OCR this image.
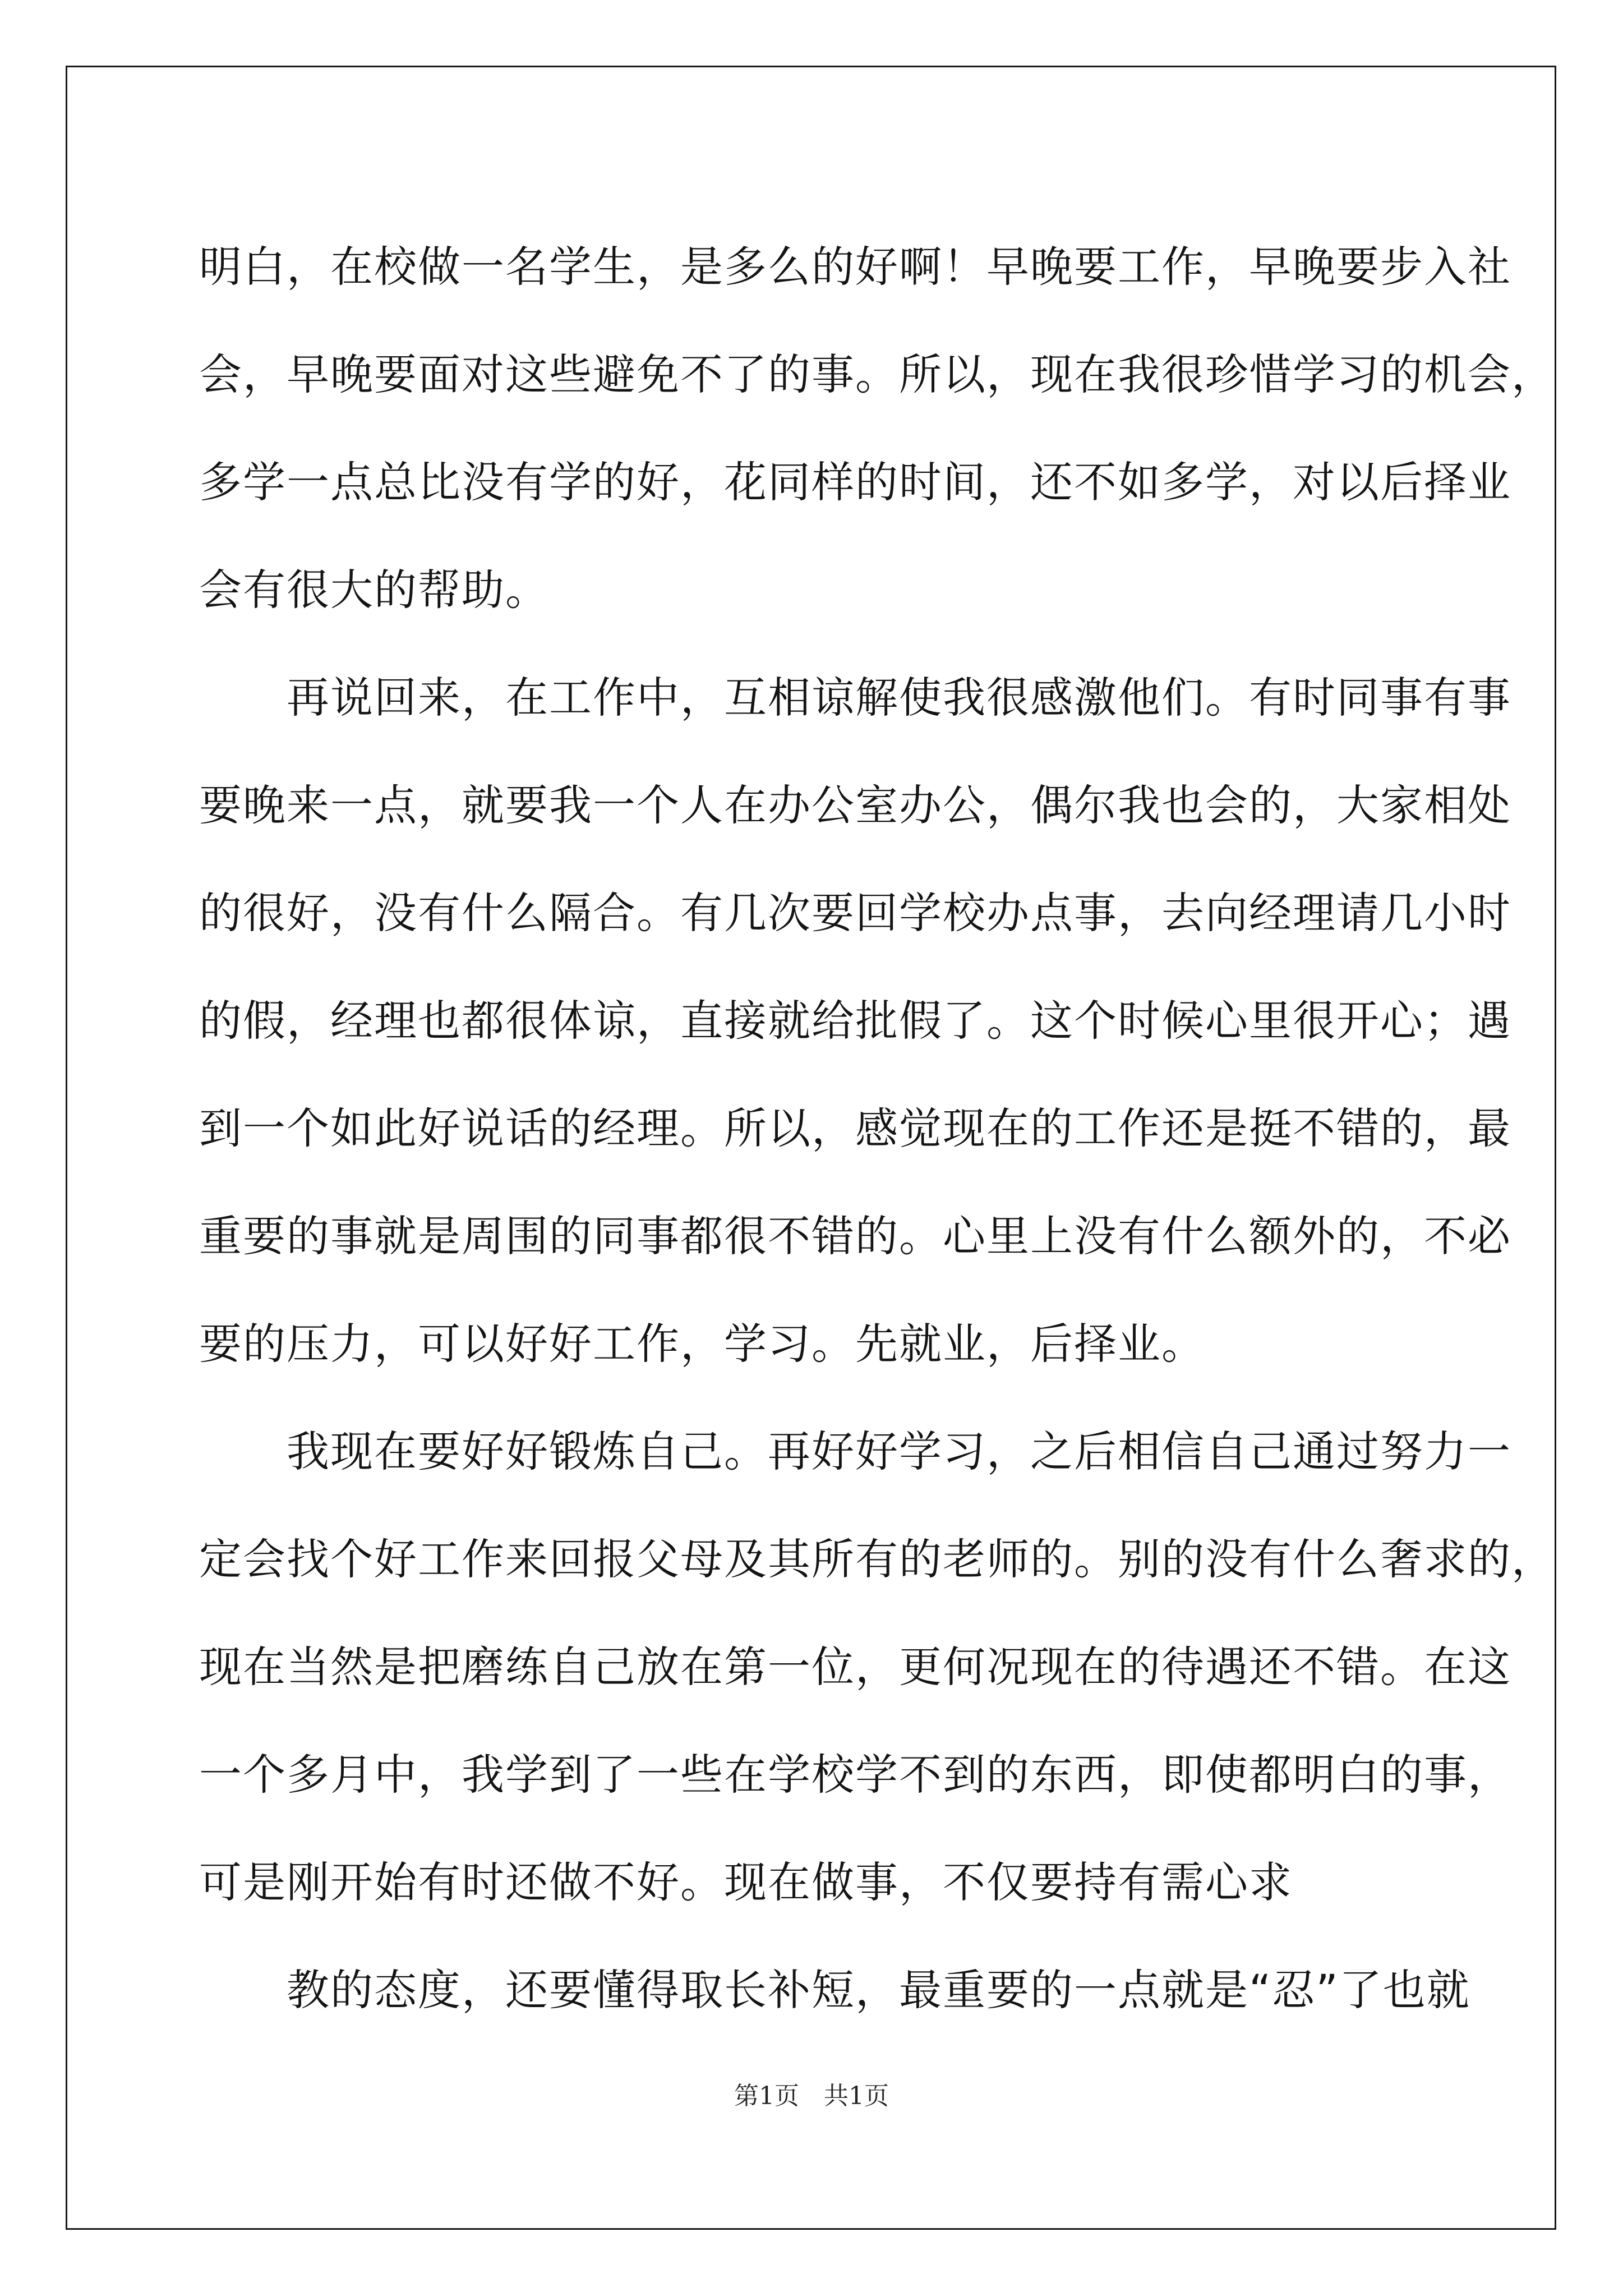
明白，在校做一名学生，是多么的好啊！早晚要工作，早晚要步入社
会，早晚要面对这些避免不了的事。所以，现在我很珍惜学习的机会，
多学一点总比没有学的好，花同样的时间，还不如多学，对以后择业
会有很大的帮助。
　　再说回来，在工作中，互相谅解使我很感激他们。有时同事有事
要晚来一点，就要我一个人在办公室办公，偶尔我也会的，大家相处
的很好，没有什么隔合。有几次要回学校办点事，去向经理请几小时
的假，经理也都很体谅，直接就给批假了。这个时候心里很开心；遇
到一个如此好说话的经理。所以，感觉现在的工作还是挺不错的，最
重要的事就是周围的同事都很不错的。心里上没有什么额外的，不必
要的压力，可以好好工作，学习。先就业，后择业。
　　我现在要好好锻炼自己。再好好学习，之后相信自己通过努力一
定会找个好工作来回报父母及其所有的老师的。别的没有什么奢求的，
现在当然是把磨练自己放在第一位，更何况现在的待遇还不错。在这
一个多月中，我学到了一些在学校学不到的东西，即使都明白的事，
可是刚开始有时还做不好。现在做事，不仅要持有需心求
　　教的态度，还要懂得取长补短，最重要的一点就是“忍”了也就
第1页　共1页
